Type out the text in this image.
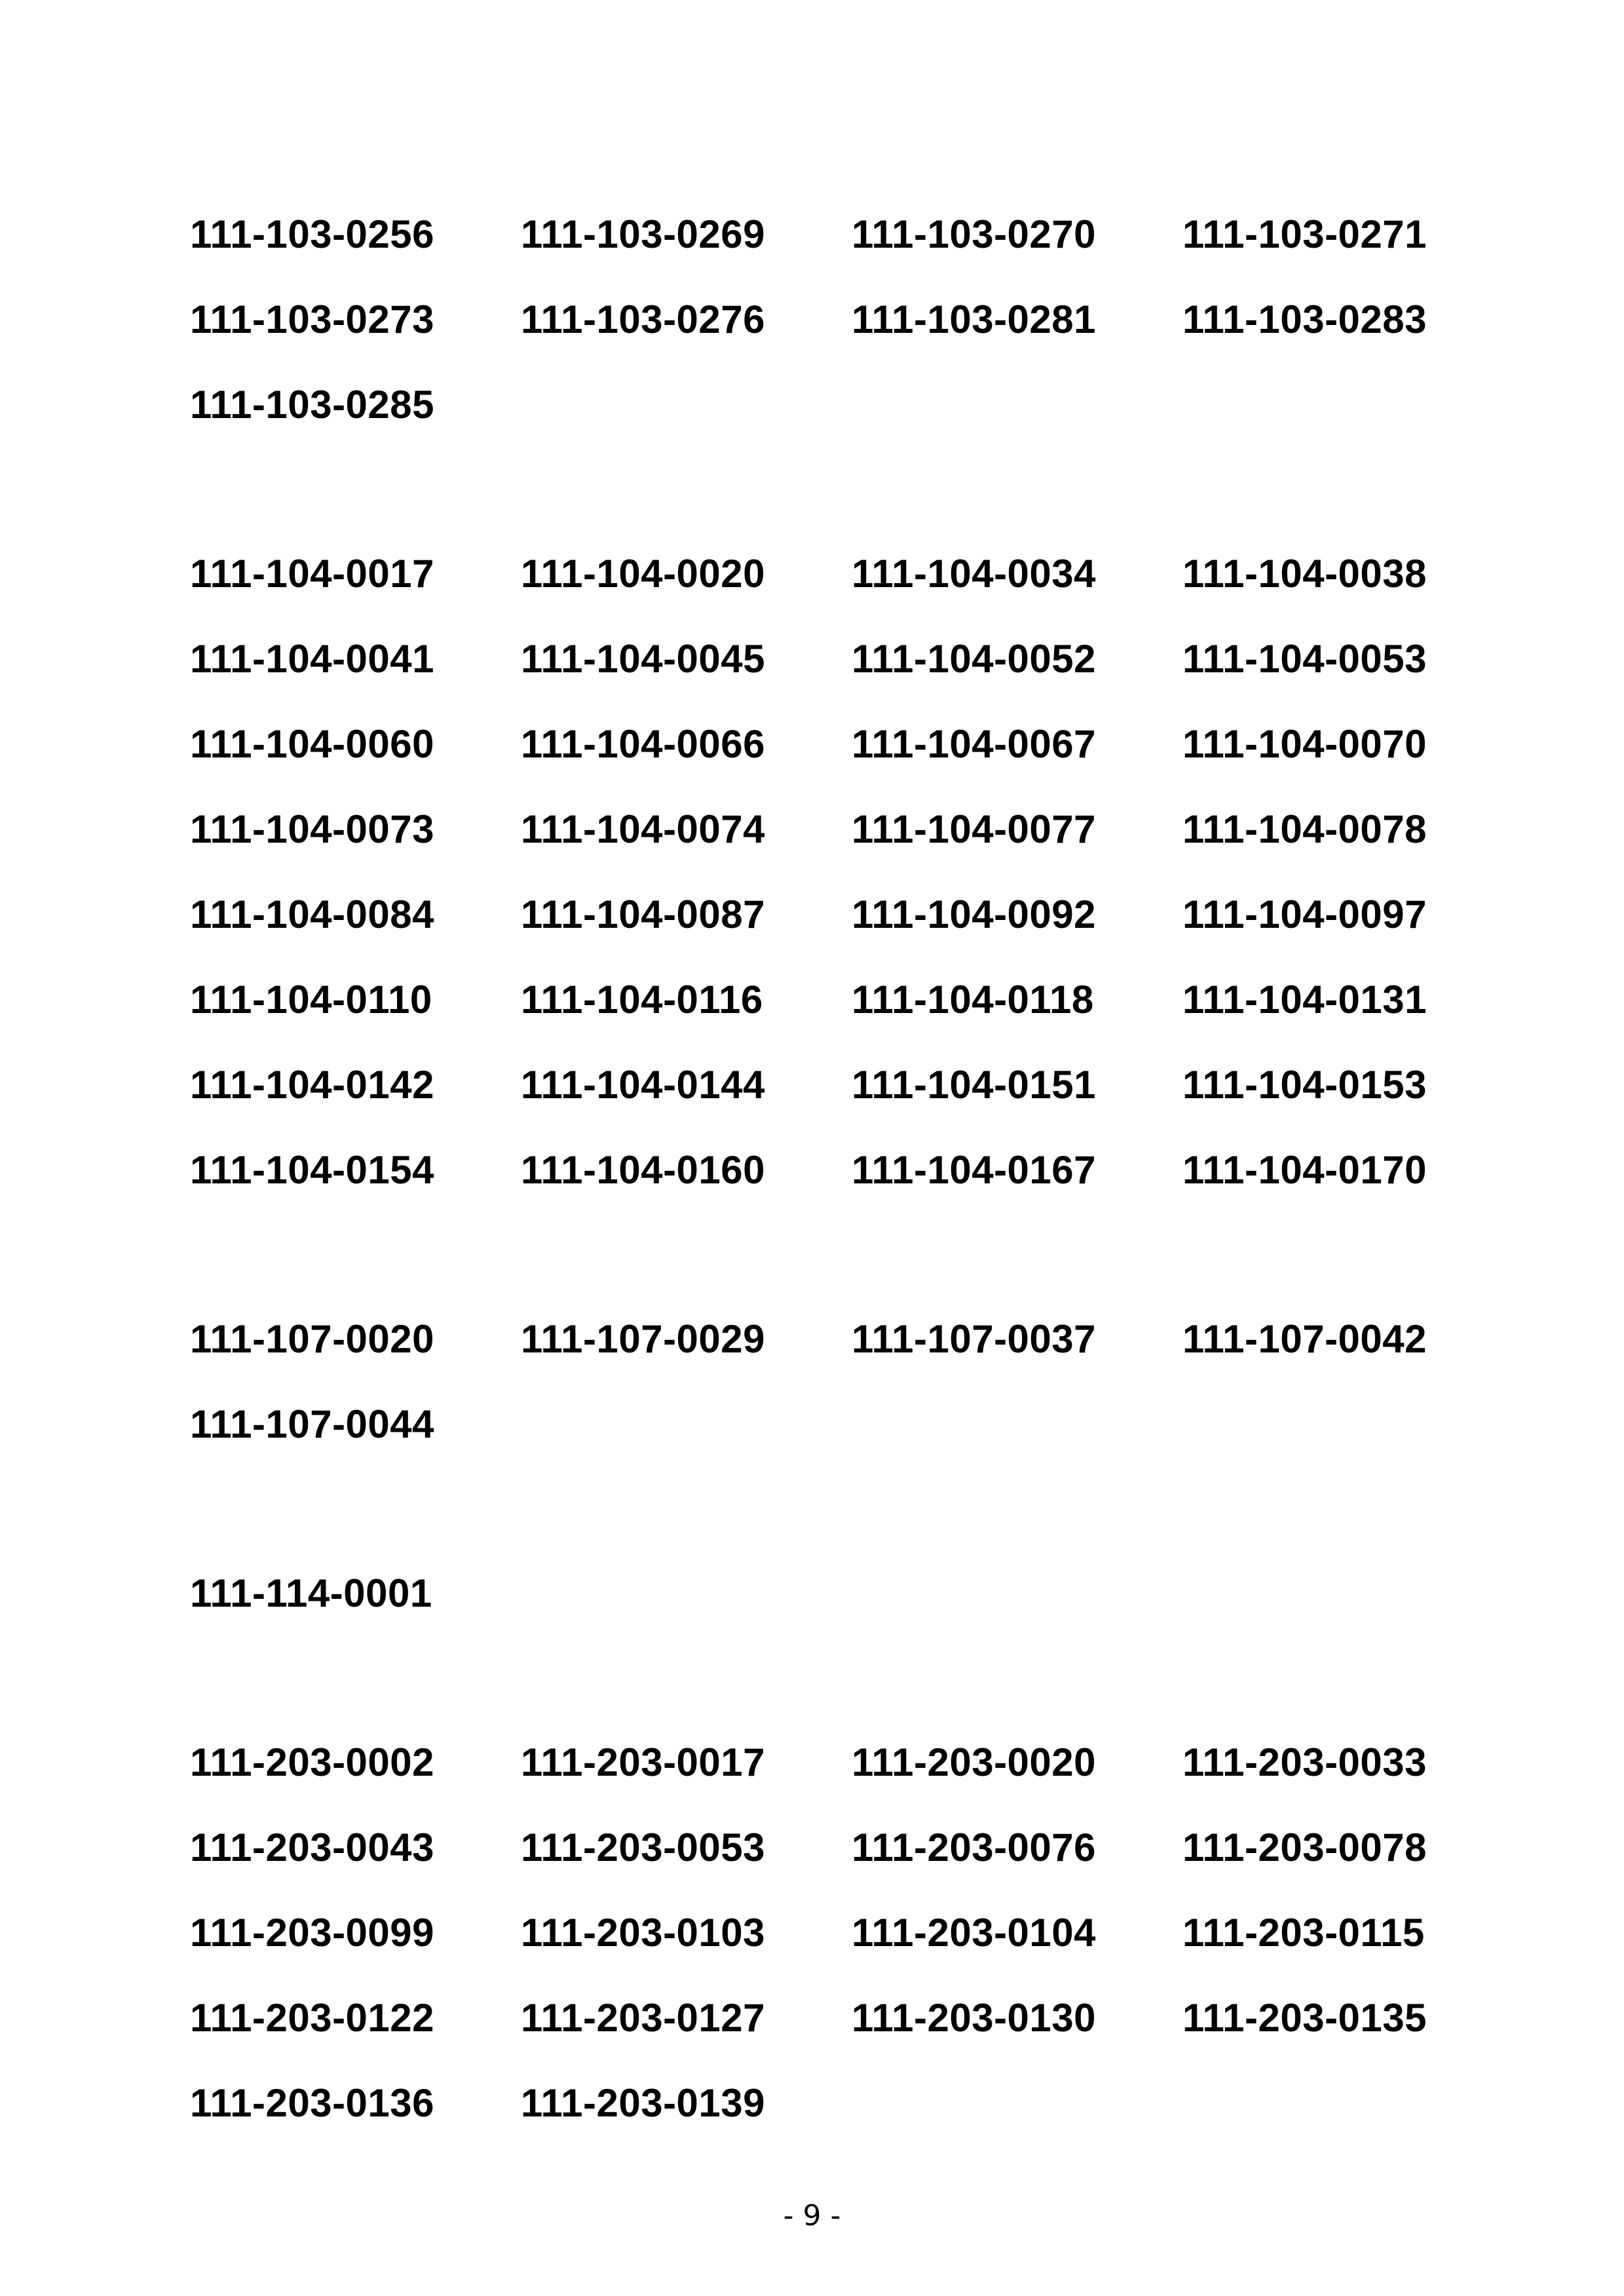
111-103-0256	111-103-0269	111-103-0270	111-103-0271
111-103-0273	111-103-0276	111-103-0281	111-103-0283
111-103-0285
111-104-0017	111-104-0020	111-104-0034	111-104-0038
111-104-0041	111-104-0045	111-104-0052	111-104-0053
111-104-0060	111-104-0066	111-104-0067	111-104-0070
111-104-0073	111-104-0074	111-104-0077	111-104-0078
111-104-0084	111-104-0087	111-104-0092	111-104-0097
111-104-0110	111-104-0116	111-104-0118	111-104-0131
111-104-0142	111-104-0144	111-104-0151	111-104-0153
111-104-0154	111-104-0160	111-104-0167	111-104-0170
111-107-0020	111-107-0029	111-107-0037	111-107-0042
111-107-0044
111-114-0001
111-203-0002	111-203-0017	111-203-0020	111-203-0033
111-203-0043	111-203-0053	111-203-0076	111-203-0078
111-203-0099	111-203-0103	111-203-0104	111-203-0115
111-203-0122	111-203-0127	111-203-0130	111-203-0135
111-203-0136	111-203-0139
- 9 -
